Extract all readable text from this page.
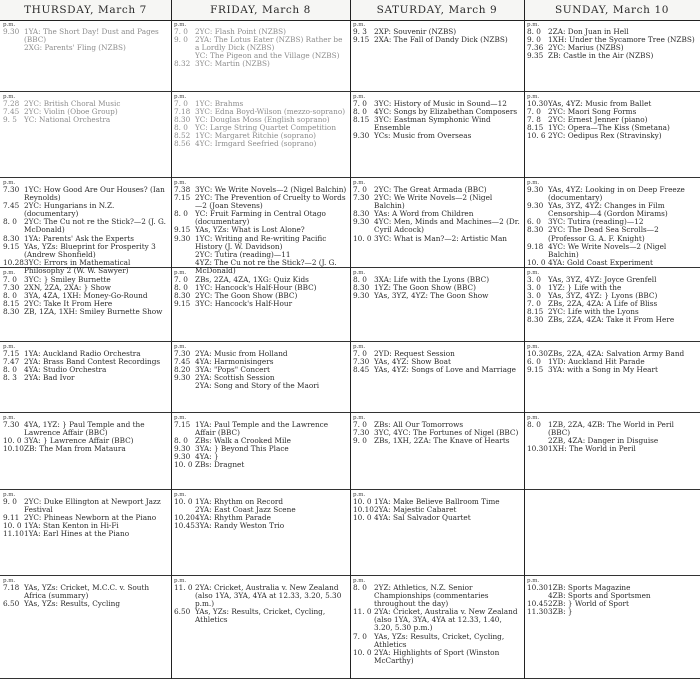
THURSDAY, March 7
p.m.
9.30 1YA: The Short Day! Dust and Pages (BBC)
2XG: Parents' Fling (NZBS)
p.m.
7.28 2YC: British Choral Music
7.45 2YC: Violin (Oboe Group)
9. 5 YC: National Orchestra
p.m.
7.30 1YC: How Good Are Our Houses? (Ian Reynolds)
7.45 2YC: Hungarians in N.Z. (documentary)
8. 0 2YC: The Cu not re the Stick?—2 (J. G. McDonald)
8.30 1YA: Parents' Ask the Experts
9.15 YAs, YZs: Blueprint for Prosperity 3 (Andrew Shonfield)
10.28 3YC: Errors in Mathematical Philosophy 2 (W. W. Sawyer)
p.m.
7. 0 3YC: } Smiley Burnette
7.30 2XN, 2ZA, 2XA: } Show
8. 0 3YA, 4ZA, 1XH: Money-Go-Round
8.15 2YC: Take It From Here
8.30 ZB, 1ZA, 1XH: Smiley Burnette Show
p.m.
7.15 1YA: Auckland Radio Orchestra
7.47 2YA: Brass Band Contest Recordings
8. 0 4YA: Studio Orchestra
8. 3 2YA: Bad Ivor
p.m.
7.30 4YA, 1YZ: } Paul Temple and the Lawrence Affair (BBC)
10. 0 3YA: } Lawrence Affair (BBC)
10.10 ZB: The Man from Mataura
p.m.
9. 0 2YC: Duke Ellington at Newport Jazz Festival
9.11 2YC: Phineas Newborn at the Piano
10. 0 1YA: Stan Kenton in Hi-Fi
11.10 1YA: Earl Hines at the Piano
p.m.
7.18 YAs, YZs: Cricket, M.C.C. v. South Africa (summary)
6.50 YAs, YZs: Results, Cycling
FRIDAY, March 8
p.m.
7. 0 2YC: Flash Point (NZBS)
9. 0 2YA: The Lotus Eater (NZBS) Rather be a Lordly Dick (NZBS)
YC: The Pigeon and the Village (NZBS)
8.32 3YC: Martin (NZBS)
p.m.
7. 0 1YC: Brahms
7.18 3YC: Edna Boyd-Wilson (mezzo-soprano)
8.30 YC: Douglas Moss (English soprano)
8. 0 YC: Large String Quartet Competition
8.52 1YC: Margaret Ritchie (soprano)
8.56 4YC: Irmgard Seefried (soprano)
p.m.
7.38 3YC: We Write Novels—2 (Nigel Balchin)
7.15 2YC: The Prevention of Cruelty to Words—2 (Joan Stevens)
8. 0 YC: Fruit Farming in Central Otago (documentary)
9.15 YAs, YZs: What is Lost Alone?
9.30 1YC: Writing and Re-writing Pacific History (J. W. Davidson)
2YC: Tutira (reading)—11
4YZ: The Cu not re the Stick?—2 (J. G. McDonald)
p.m.
7. 0 ZBs, 2ZA, 4ZA, 1XG: Quiz Kids
8. 0 1YC: Hancock's Half-Hour (BBC)
8.30 2YC: The Goon Show (BBC)
9.15 3YC: Hancock's Half-Hour
p.m.
7.30 2YA: Music from Holland
7.45 4YA: Harmonisingers
8.20 3YA: "Pops" Concert
9.30 2YA: Scottish Session
2YA: Song and Story of the Maori
p.m.
7.15 1YA: Paul Temple and the Lawrence Affair (BBC)
8. 0 ZBs: Walk a Crooked Mile
9.30 3YA: } Beyond This Place
9.30 4YA: }
10. 0 ZBs: Dragnet
p.m.
10. 0 1YA: Rhythm on Record
2YA: East Coast Jazz Scene
10.20 4YA: Rhythm Parade
10.45 3YA: Randy Weston Trio
p.m.
11. 0 2YA: Cricket, Australia v. New Zealand (also 1YA, 3YA, 4YA at 12.33, 3.20, 5.30 p.m.)
6.50 YAs, YZs: Results, Cricket, Cycling, Athletics
SATURDAY, March 9
p.m.
9. 3 2XP: Souvenir (NZBS)
9.15 2XA: The Fall of Dandy Dick (NZBS)
p.m.
7. 0 3YC: History of Music in Sound—12
8. 0 4YC: Songs by Elizabethan Composers
8.15 3YC: Eastman Symphonic Wind Ensemble
9.30 YCs: Music from Overseas
p.m.
7. 0 2YC: The Great Armada (BBC)
7.30 2YC: We Write Novels—2 (Nigel Balchin)
8.30 YAs: A Word from Children
9.30 4YC: Men, Minds and Machines—2 (Dr. Cyril Adcock)
10. 0 3YC: What is Man?—2: Artistic Man
p.m.
8. 0 3XA: Life with the Lyons (BBC)
8.30 1YZ: The Goon Show (BBC)
9.30 YAs, 3YZ, 4YZ: The Goon Show
p.m.
7. 0 2YD: Request Session
7.30 YAs, 4YZ: Show Boat
8.45 YAs, 4YZ: Songs of Love and Marriage
p.m.
7. 0 ZBs: All Our Tomorrows
7.30 3YC, 4YC: The Fortunes of Nigel (BBC)
9. 0 ZBs, 1XH, 2ZA: The Knave of Hearts
p.m.
10. 0 1YA: Make Believe Ballroom Time
10.10 2YA: Majestic Cabaret
10. 0 4YA: Sal Salvador Quartet
p.m.
8. 0 2YZ: Athletics, N.Z. Senior Championships (commentaries throughout the day)
11. 0 2YA: Cricket, Australia v. New Zealand (also 1YA, 3YA, 4YA at 12.33, 1.40, 3.20, 5.30 p.m.)
7. 0 YAs, YZs: Results, Cricket, Cycling, Athletics
10. 0 2YA: Highlights of Sport (Winston McCarthy)
SUNDAY, March 10
p.m.
8. 0 2ZA: Don Juan in Hell
9. 0 1XH: Under the Sycamore Tree (NZBS)
7.36 2YC: Marius (NZBS)
9.35 ZB: Castle in the Air (NZBS)
p.m.
10.30 YAs, 4YZ: Music from Ballet
7. 0 2YC: Maori Song Forms
7. 8 2YC: Ernest Jenner (piano)
8.15 1YC: Opera—The Kiss (Smetana)
10. 6 2YC: Oedipus Rex (Stravinsky)
p.m.
9.30 YAs, 4YZ: Looking in on Deep Freeze (documentary)
9.30 YAs, 3YZ, 4YZ: Changes in Film Censorship—4 (Gordon Mirams)
6. 0 3YC: Tutira (reading)—12
8.30 2YC: The Dead Sea Scrolls—2 (Professor G. A. F. Knight)
9.18 4YC: We Write Novels—2 (Nigel Balchin)
10. 0 4YA: Gold Coast Experiment
p.m.
3. 0 YAs, 3YZ, 4YZ: Joyce Grenfell
3. 0 1YZ: } Life with the
3. 0 YAs, 3YZ, 4YZ: } Lyons (BBC)
7. 0 ZBs, 2ZA, 4ZA: A Life of Bliss
8.15 2YC: Life with the Lyons
8.30 ZBs, 2ZA, 4ZA: Take it From Here
p.m.
10.30 ZBs, 2ZA, 4ZA: Salvation Army Band
6. 0 1YD: Auckland Hit Parade
9.15 3YA: with a Song in My Heart
p.m.
8. 0 1ZB, 2ZA, 4ZB: The World in Peril (BBC)
2ZB, 4ZA: Danger in Disguise
10.30 1XH: The World in Peril
p.m.
10.30 1ZB: Sports Magazine
4ZB: Sports and Sportsmen
10.45 2ZB: } World of Sport
11.30 3ZB: }
